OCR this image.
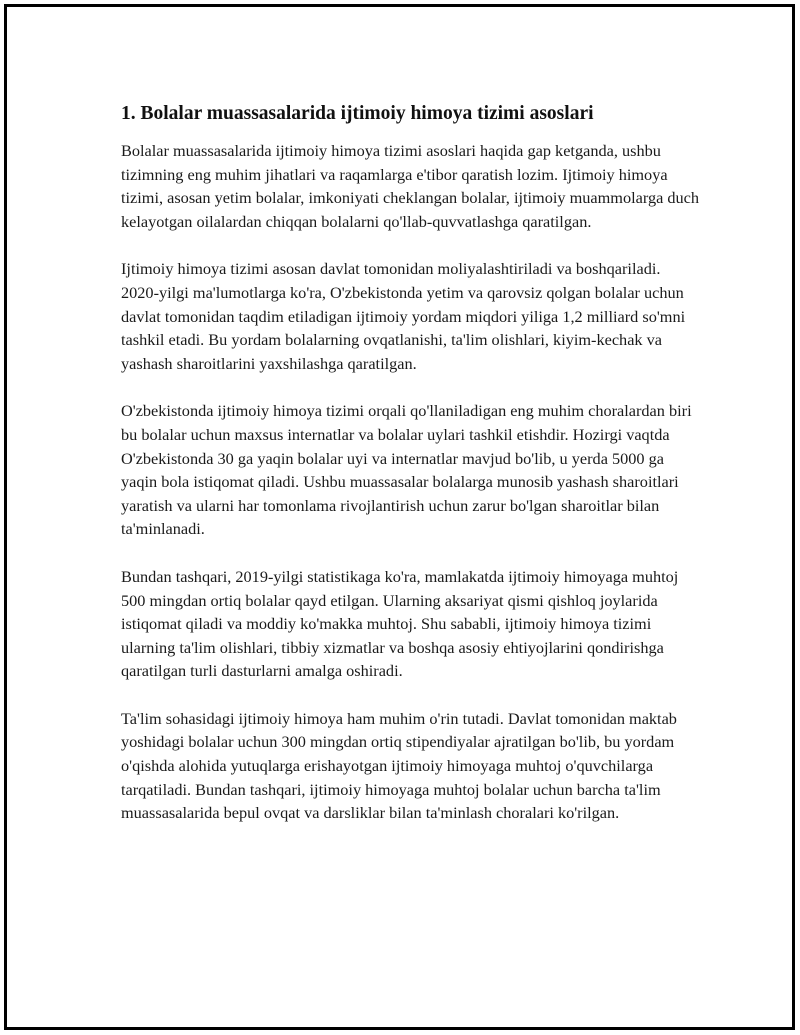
1. Bolalar muassasalarida ijtimoiy himoya tizimi asoslari

Bolalar muassasalarida ijtimoiy himoya tizimi asoslari haqida gap ketganda, ushbu tizimning eng muhim jihatlari va raqamlarga e'tibor qaratish lozim. Ijtimoiy himoya tizimi, asosan yetim bolalar, imkoniyati cheklangan bolalar, ijtimoiy muammolarga duch kelayotgan oilalardan chiqqan bolalarni qo'llab-quvvatlashga qaratilgan.

Ijtimoiy himoya tizimi asosan davlat tomonidan moliyalashtiriladi va boshqariladi. 2020-yilgi ma'lumotlarga ko'ra, O'zbekistonda yetim va qarovsiz qolgan bolalar uchun davlat tomonidan taqdim etiladigan ijtimoiy yordam miqdori yiliga 1,2 milliard so'mni tashkil etadi. Bu yordam bolalarning ovqatlanishi, ta'lim olishlari, kiyim-kechak va yashash sharoitlarini yaxshilashga qaratilgan.

O'zbekistonda ijtimoiy himoya tizimi orqali qo'llaniladigan eng muhim choralardan biri bu bolalar uchun maxsus internatlar va bolalar uylari tashkil etishdir. Hozirgi vaqtda O'zbekistonda 30 ga yaqin bolalar uyi va internatlar mavjud bo'lib, u yerda 5000 ga yaqin bola istiqomat qiladi. Ushbu muassasalar bolalarga munosib yashash sharoitlari yaratish va ularni har tomonlama rivojlantirish uchun zarur bo'lgan sharoitlar bilan ta'minlanadi.

Bundan tashqari, 2019-yilgi statistikaga ko'ra, mamlakatda ijtimoiy himoyaga muhtoj 500 mingdan ortiq bolalar qayd etilgan. Ularning aksariyat qismi qishloq joylarida istiqomat qiladi va moddiy ko'makka muhtoj. Shu sababli, ijtimoiy himoya tizimi ularning ta'lim olishlari, tibbiy xizmatlar va boshqa asosiy ehtiyojlarini qondirishga qaratilgan turli dasturlarni amalga oshiradi.

Ta'lim sohasidagi ijtimoiy himoya ham muhim o'rin tutadi. Davlat tomonidan maktab yoshidagi bolalar uchun 300 mingdan ortiq stipendiyalar ajratilgan bo'lib, bu yordam o'qishda alohida yutuqlarga erishayotgan ijtimoiy himoyaga muhtoj o'quvchilarga tarqatiladi. Bundan tashqari, ijtimoiy himoyaga muhtoj bolalar uchun barcha ta'lim muassasalarida bepul ovqat va darsliklar bilan ta'minlash choralari ko'rilgan.
